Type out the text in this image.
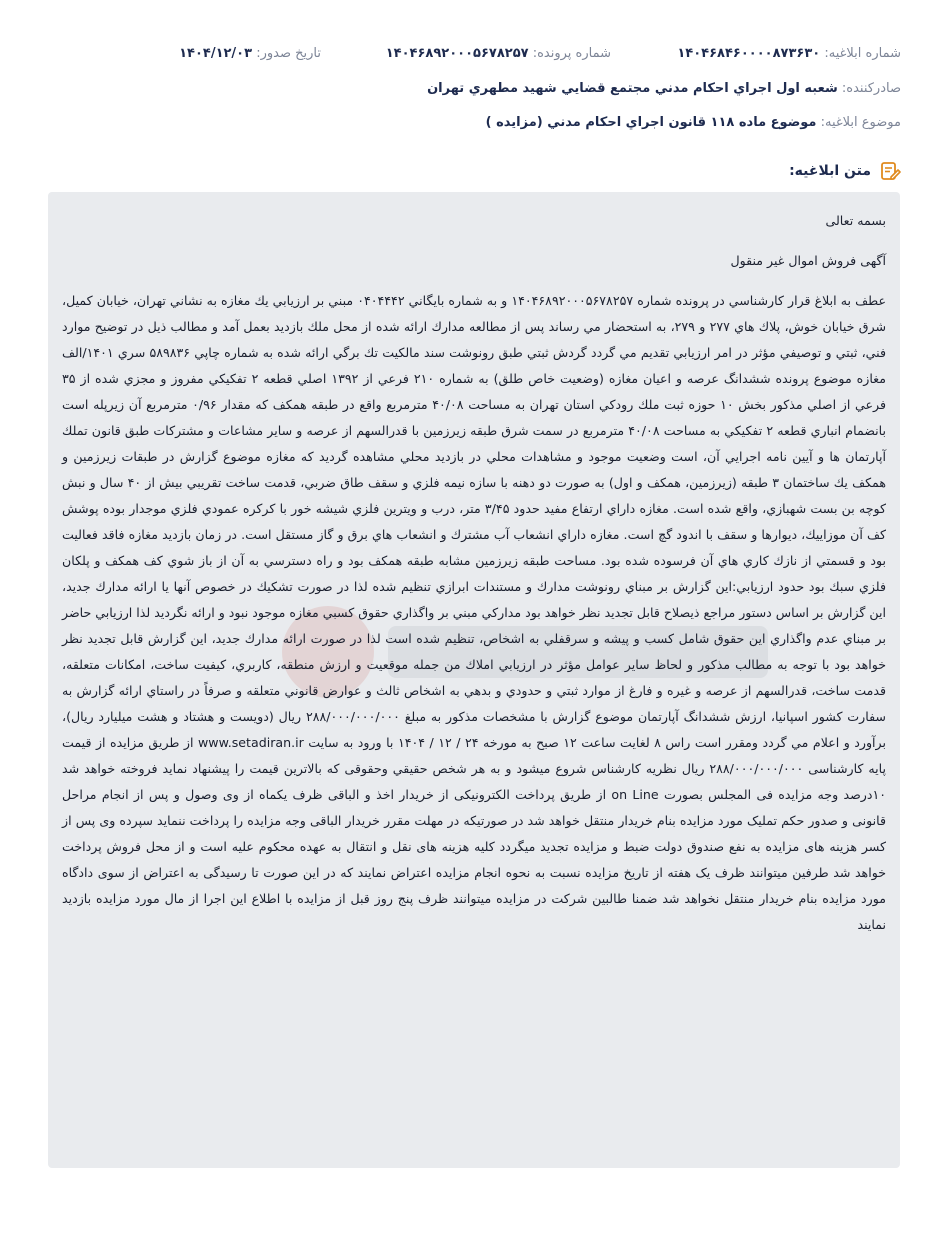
شماره ابلاغيه: ۱۴۰۴۶۸۴۶۰۰۰۰۸۷۳۶۳۰
شماره پرونده: ۱۴۰۴۶۸۹۲۰۰۰۵۶۷۸۲۵۷
تاريخ صدور: ۱۴۰۴/۱۲/۰۳
صادرکننده: شعبه اول اجراي احكام مدني مجتمع قضايي شهيد مطهري تهران
موضوع ابلاغيه: موضوع ماده ۱۱۸ قانون اجراي احكام مدني (مزايده )
متن ابلاغيه:

بسمه تعالی

آگهی فروش اموال غیر منقول

عطف به ابلاغ قرار کارشناسي در پرونده شماره ۱۴۰۴۶۸۹۲۰۰۰۵۶۷۸۲۵۷ و به شماره بايگاني ۰۴۰۴۴۴۲ مبني بر ارزيابي يك مغازه به نشاني تهران، خيابان كميل، شرق خيابان خوش، پلاك هاي ۲۷۷ و ۲۷۹، به استحضار مي رساند پس از مطالعه مدارك ارائه شده از محل ملك بازديد بعمل آمد و مطالب ذيل در توضيح موارد فني، ثبتي و توصيفي مؤثر در امر ارزيابي تقديم مي گردد گردش ثبتي طبق رونوشت سند مالكيت تك برگي ارائه شده به شماره چاپي ۵۸۹۸۳۶ سري ۱۴۰۱/الف مغازه موضوع پرونده ششدانگ عرصه و اعيان مغازه (وضعيت خاص طلق) به شماره ۲۱۰ فرعي از ۱۳۹۲ اصلي قطعه ۲ تفكيكي مفروز و مجزي شده از ۳۵ فرعي از اصلي مذكور بخش ۱۰ حوزه ثبت ملك رودكي استان تهران به مساحت ۴۰/۰۸ مترمربع واقع در طبقه همكف كه مقدار ۰/۹۶ مترمربع آن زيرپله است بانضمام انباري قطعه ۲ تفكيكي به مساحت ۴۰/۰۸ مترمربع در سمت شرق طبقه زيرزمين با قدرالسهم از عرصه و ساير مشاعات و مشتركات طبق قانون تملك آپارتمان ها و آيين نامه اجرايي آن، است وضعيت موجود و مشاهدات محلي در بازديد محلي مشاهده گرديد كه مغازه موضوع گزارش در طبقات زيرزمين و همكف يك ساختمان ۳ طبقه (زيرزمين، همكف و اول) به صورت دو دهنه با سازه نيمه فلزي و سقف طاق ضربي، قدمت ساخت تقريبي بيش از ۴۰ سال و نبش كوچه بن بست شهبازي، واقع شده است. مغازه داراي ارتفاع مفيد حدود ۳/۴۵ متر، درب و ويترين فلزي شيشه خور با كركره عمودي فلزي موجدار بوده پوشش كف آن موزاييك، ديوارها و سقف با اندود گچ است. مغازه داراي انشعاب آب مشترك و انشعاب هاي برق و گاز مستقل است. در زمان بازديد مغازه فاقد فعاليت بود و قسمتي از نازك كاري هاي آن فرسوده شده بود. مساحت طبقه زيرزمين مشابه طبقه همكف بود و راه دسترسي به آن از باز شوي كف همكف و پلكان فلزي سبك بود حدود ارزيابي:اين گزارش بر مبناي رونوشت مدارك و مستندات ابرازي تنظيم شده لذا در صورت تشكيك در خصوص آنها يا ارائه مدارك جديد، اين گزارش بر اساس دستور مراجع ذيصلاح قابل تجديد نظر خواهد بود مداركي مبني بر واگذاري حقوق كسبي مغازه موجود نبود و ارائه نگرديد لذا ارزيابي حاضر بر مبناي عدم واگذاري اين حقوق شامل كسب و پيشه و سرقفلي به اشخاص، تنظيم شده است لذا در صورت ارائه مدارك جديد، اين گزارش قابل تجديد نظر خواهد بود با توجه به مطالب مذكور و لحاظ ساير عوامل مؤثر در ارزيابي املاك من جمله موقعيت و ارزش منطقه، كاربري، كيفيت ساخت، امكانات متعلقه، قدمت ساخت، قدرالسهم از عرصه و غيره و فارغ از موارد ثبتي و حدودي و بدهي به اشخاص ثالث و عوارض قانوني متعلقه و صرفاً در راستاي ارائه گزارش به سفارت كشور اسپانيا، ارزش ششدانگ آپارتمان موضوع گزارش با مشخصات مذكور به مبلغ ۲۸۸/۰۰۰/۰۰۰/۰۰۰ ريال (دويست و هشتاد و هشت ميليارد ريال)، برآورد و اعلام مي گردد ومقرر است راس ۸ لغايت ساعت ۱۲ صبح به مورخه ۲۴ / ۱۲ / ۱۴۰۴ با ورود به سايت www.setadiran.ir از طريق مزايده از قيمت پايه كارشناسی ۲۸۸/۰۰۰/۰۰۰/۰۰۰ ريال نظريه كارشناس شروع ميشود و به هر شخص حقيقي وحقوقی كه بالاترين قيمت را پيشنهاد نمايد فروخته خواهد شد ۱۰درصد وجه مزايده فی المجلس بصورت on Line از طريق پرداخت الكترونيكی از خريدار اخذ و الباقی ظرف يكماه از وی وصول و پس از انجام مراحل قانونی و صدور حكم تمليک مورد مزايده بنام خريدار منتقل خواهد شد در صورتيكه در مهلت مقرر خريدار الباقی وجه مزايده را پرداخت ننمايد سپرده وی پس از كسر هزينه های مزايده به نفع صندوق دولت ضبط و مزايده تجديد ميگردد كليه هزينه های نقل و انتقال به عهده محكوم عليه است و از محل فروش پرداخت خواهد شد طرفين ميتوانند ظرف يک هفته از تاريخ مزايده نسبت به نحوه انجام مزايده اعتراض نمايند كه در اين صورت تا رسيدگی به اعتراض از سوی دادگاه مورد مزايده بنام خريدار منتقل نخواهد شد ضمنا طالبين شركت در مزايده ميتوانند ظرف پنج روز قبل از مزايده با اطلاع اين اجرا از مال مورد مزايده بازديد نمايند
